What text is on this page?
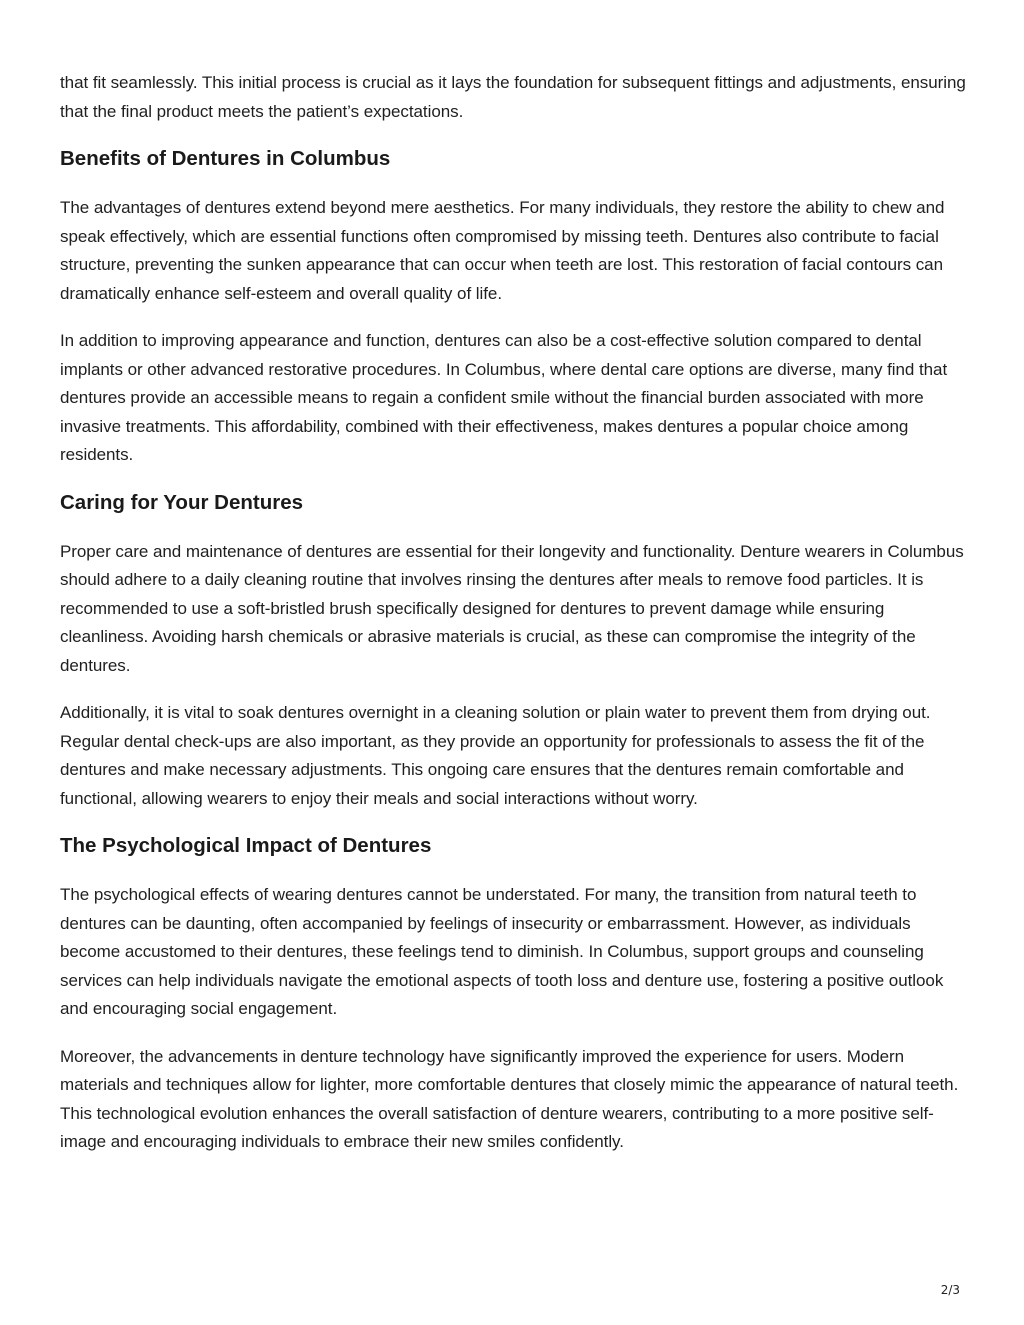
that fit seamlessly. This initial process is crucial as it lays the foundation for subsequent fittings and adjustments, ensuring that the final product meets the patient’s expectations.

Benefits of Dentures in Columbus

The advantages of dentures extend beyond mere aesthetics. For many individuals, they restore the ability to chew and speak effectively, which are essential functions often compromised by missing teeth. Dentures also contribute to facial structure, preventing the sunken appearance that can occur when teeth are lost. This restoration of facial contours can dramatically enhance self-esteem and overall quality of life.

In addition to improving appearance and function, dentures can also be a cost-effective solution compared to dental implants or other advanced restorative procedures. In Columbus, where dental care options are diverse, many find that dentures provide an accessible means to regain a confident smile without the financial burden associated with more invasive treatments. This affordability, combined with their effectiveness, makes dentures a popular choice among residents.

Caring for Your Dentures

Proper care and maintenance of dentures are essential for their longevity and functionality. Denture wearers in Columbus should adhere to a daily cleaning routine that involves rinsing the dentures after meals to remove food particles. It is recommended to use a soft-bristled brush specifically designed for dentures to prevent damage while ensuring cleanliness. Avoiding harsh chemicals or abrasive materials is crucial, as these can compromise the integrity of the dentures.

Additionally, it is vital to soak dentures overnight in a cleaning solution or plain water to prevent them from drying out. Regular dental check-ups are also important, as they provide an opportunity for professionals to assess the fit of the dentures and make necessary adjustments. This ongoing care ensures that the dentures remain comfortable and functional, allowing wearers to enjoy their meals and social interactions without worry.

The Psychological Impact of Dentures

The psychological effects of wearing dentures cannot be understated. For many, the transition from natural teeth to dentures can be daunting, often accompanied by feelings of insecurity or embarrassment. However, as individuals become accustomed to their dentures, these feelings tend to diminish. In Columbus, support groups and counseling services can help individuals navigate the emotional aspects of tooth loss and denture use, fostering a positive outlook and encouraging social engagement.

Moreover, the advancements in denture technology have significantly improved the experience for users. Modern materials and techniques allow for lighter, more comfortable dentures that closely mimic the appearance of natural teeth. This technological evolution enhances the overall satisfaction of denture wearers, contributing to a more positive self-image and encouraging individuals to embrace their new smiles confidently.

2/3
